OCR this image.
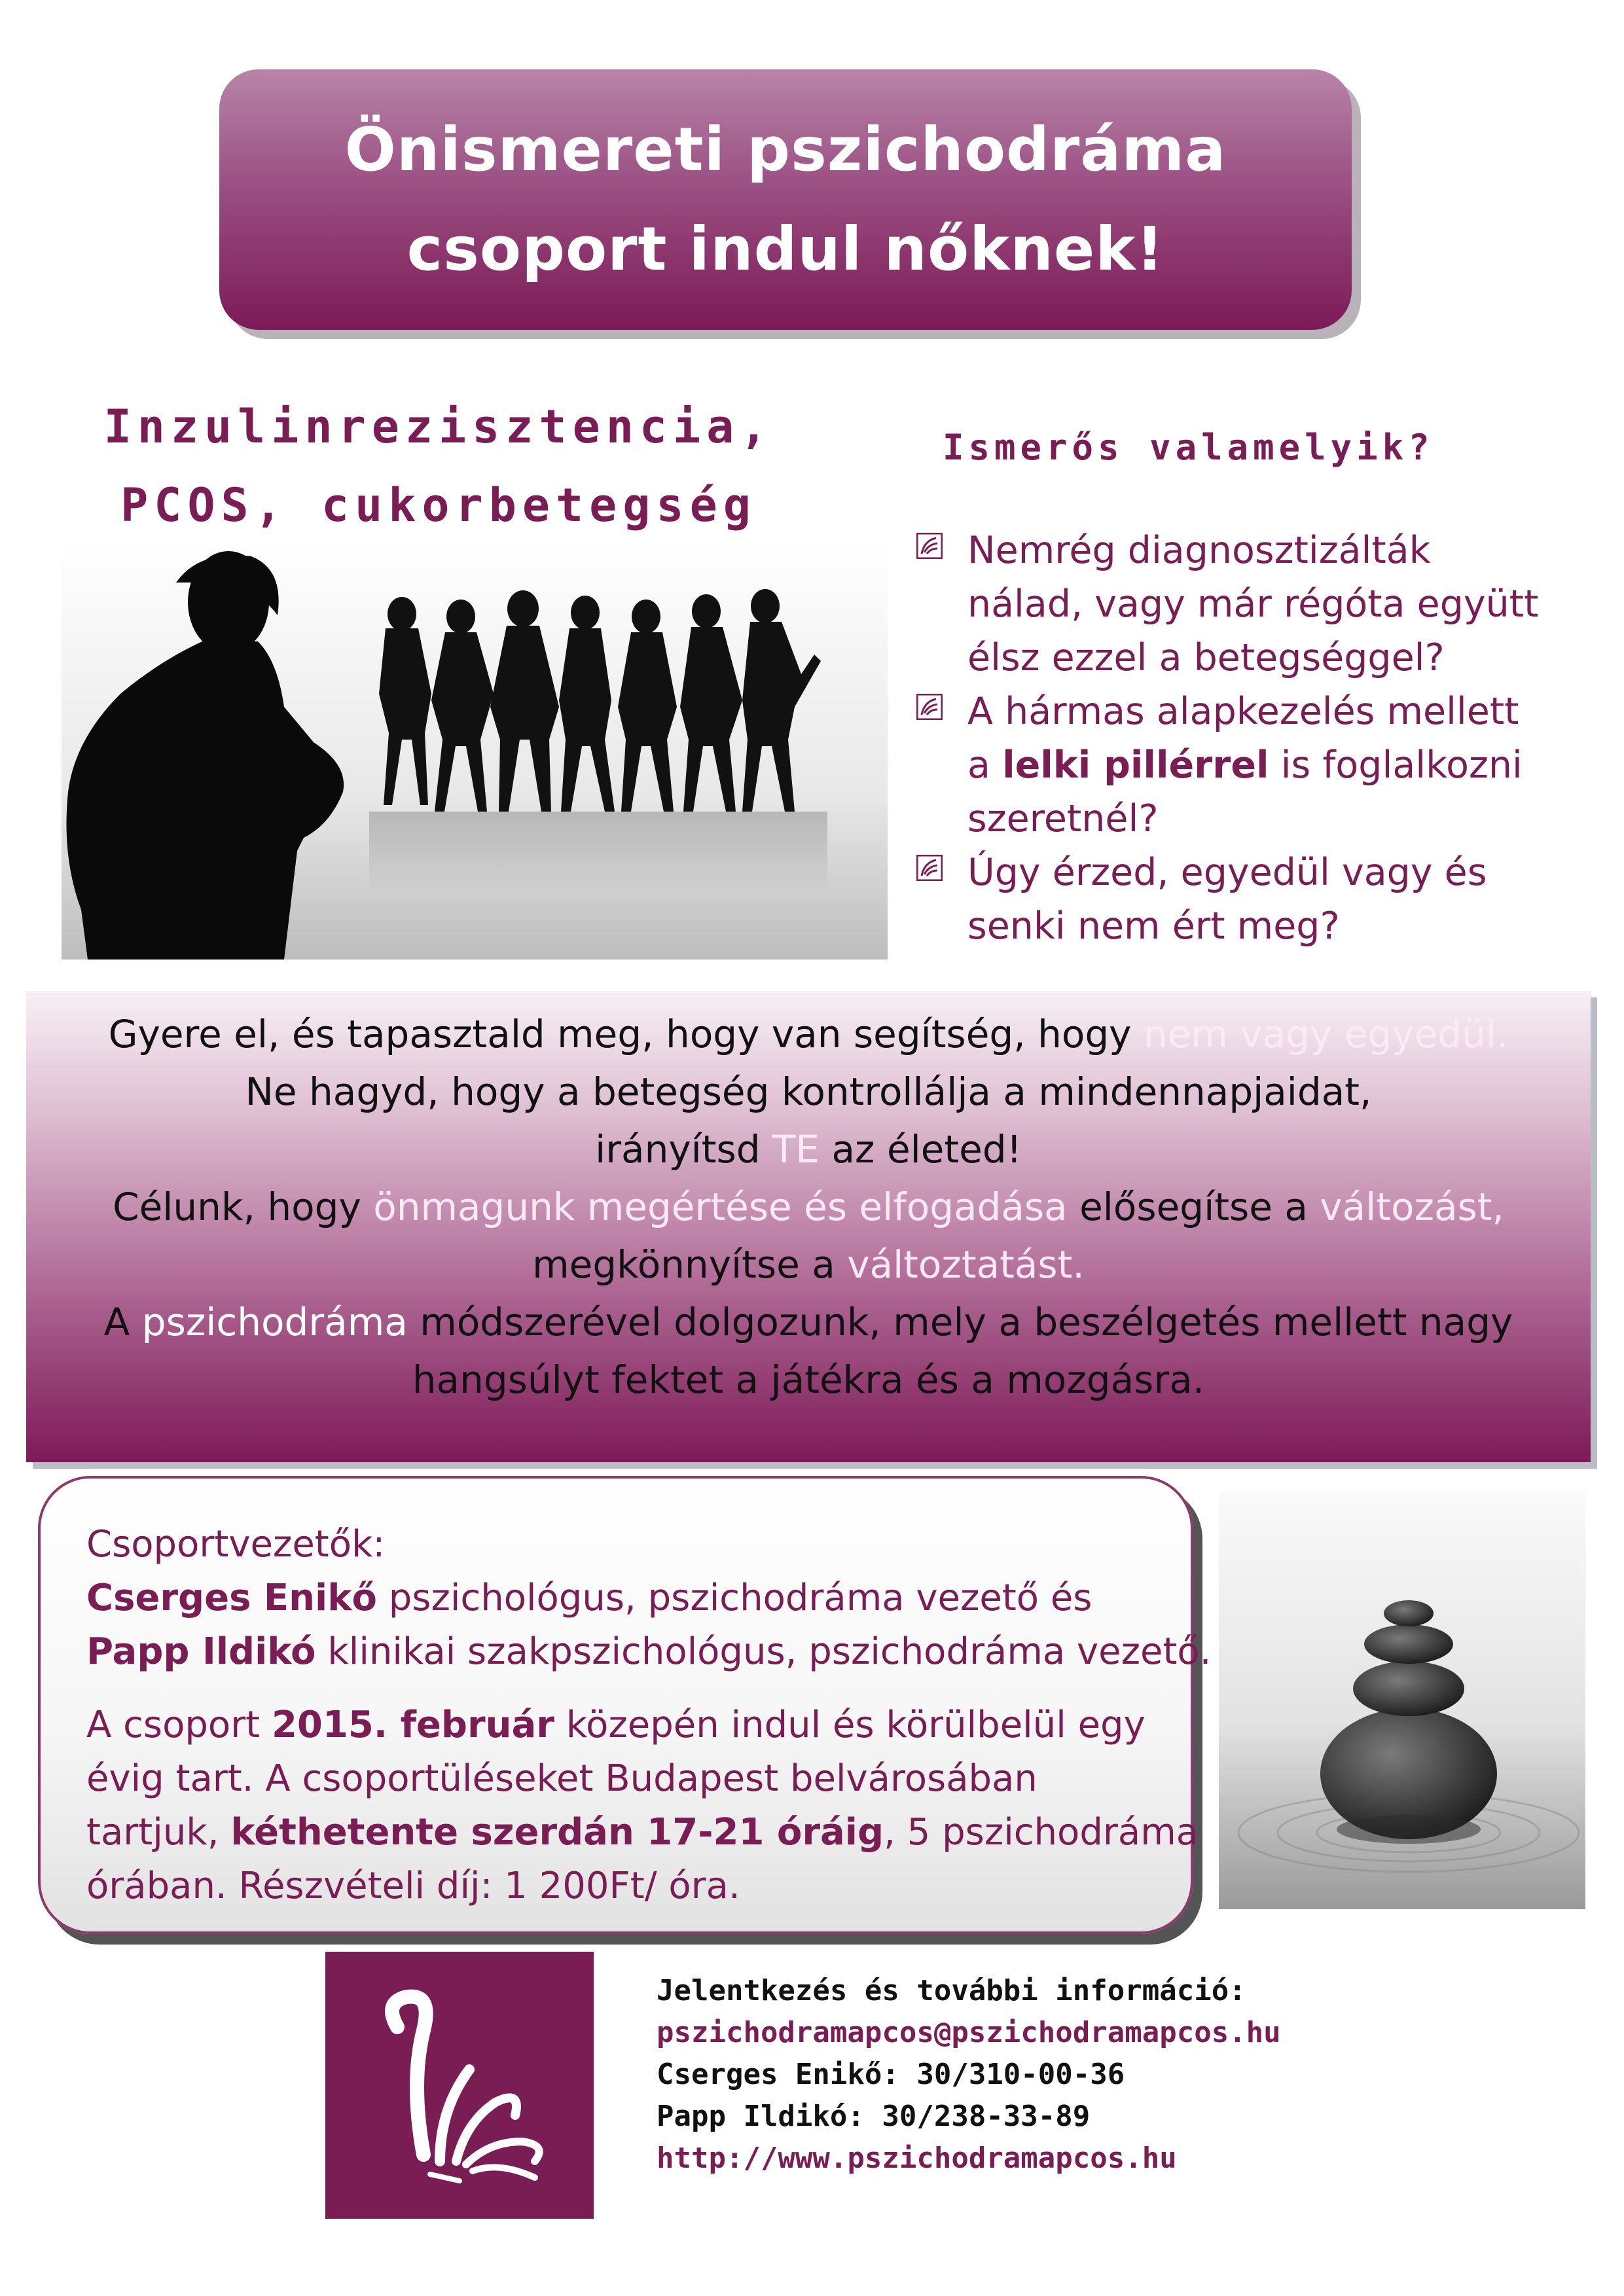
Önismereti pszichodráma
csoport indul nőknek!
Inzulinrezisztencia,
PCOS, cukorbetegség
Ismerős valamelyik?
Nemrég diagnosztizálták
nálad, vagy már régóta együtt
élsz ezzel a betegséggel?
A hármas alapkezelés mellett
a lelki pillérrel is foglalkozni
szeretnél?
Úgy érzed, egyedül vagy és
senki nem ért meg?
Gyere el, és tapasztald meg, hogy van segítség, hogy nem vagy egyedül.
Ne hagyd, hogy a betegség kontrollálja a mindennapjaidat,
irányítsd TE az életed!
Célunk, hogy önmagunk megértése és elfogadása elősegítse a változást,
megkönnyítse a változtatást.
A pszichodráma módszerével dolgozunk, mely a beszélgetés mellett nagy
hangsúlyt fektet a játékra és a mozgásra.
Csoportvezetők:
Cserges Enikő pszichológus, pszichodráma vezető és
Papp Ildikó klinikai szakpszichológus, pszichodráma vezető.
A csoport 2015. február közepén indul és körülbelül egy
évig tart. A csoportüléseket Budapest belvárosában
tartjuk, kéthetente szerdán 17-21 óráig, 5 pszichodráma
órában. Részvételi díj: 1 200Ft/ óra.
Jelentkezés és további információ:
pszichodramapcos@pszichodramapcos.hu
Cserges Enikő: 30/310-00-36
Papp Ildikó: 30/238-33-89
http://www.pszichodramapcos.hu
